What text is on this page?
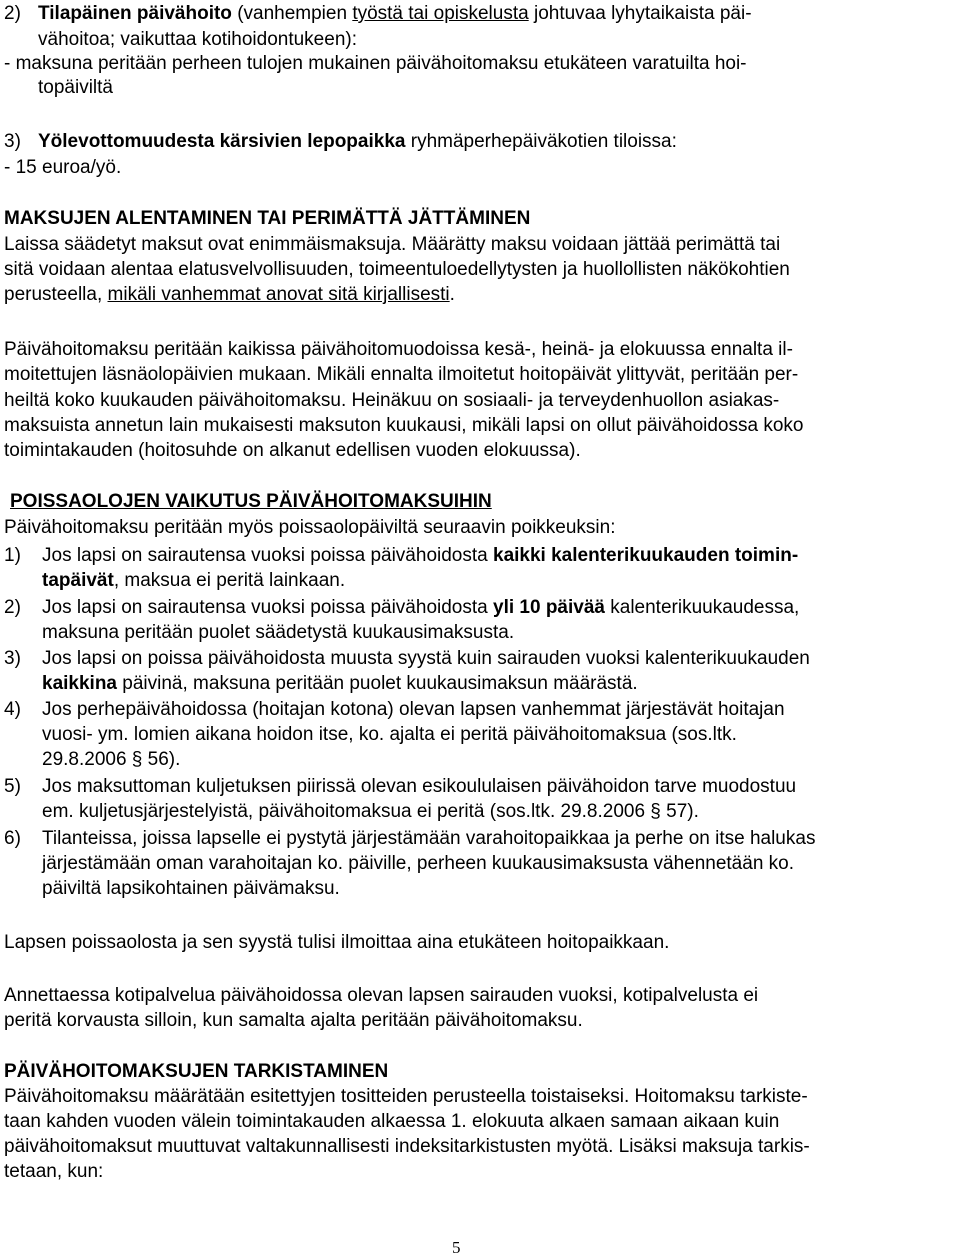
2) Tilapäinen päivähoito (vanhempien työstä tai opiskelusta johtuvaa lyhytaikaista päi-
vähoitoa; vaikuttaa kotihoidontukeen):
- maksuna peritään perheen tulojen mukainen päivähoitomaksu etukäteen varatuilta hoi-
topäiviltä
3) Yölevottomuudesta kärsivien lepopaikka ryhmäperhepäiväkotien tiloissa:
- 15 euroa/yö.
MAKSUJEN ALENTAMINEN TAI PERIMÄTTÄ JÄTTÄMINEN
Laissa säädetyt maksut ovat enimmäismaksuja. Määrätty maksu voidaan jättää perimättä tai
sitä voidaan alentaa elatusvelvollisuuden, toimeentuloedellytysten ja huollollisten näkökohtien
perusteella, mikäli vanhemmat anovat sitä kirjallisesti.
Päivähoitomaksu peritään kaikissa päivähoitomuodoissa kesä-, heinä- ja elokuussa ennalta il-
moitettujen läsnäolopäivien mukaan. Mikäli ennalta ilmoitetut hoitopäivät ylittyvät, peritään per-
heiltä koko kuukauden päivähoitomaksu. Heinäkuu on sosiaali- ja terveydenhuollon asiakas-
maksuista annetun lain mukaisesti maksuton kuukausi, mikäli lapsi on ollut päivähoidossa koko
toimintakauden (hoitosuhde on alkanut edellisen vuoden elokuussa).
POISSAOLOJEN VAIKUTUS PÄIVÄHOITOMAKSUIHIN
Päivähoitomaksu peritään myös poissaolopäiviltä seuraavin poikkeuksin:
1) Jos lapsi on sairautensa vuoksi poissa päivähoidosta kaikki kalenterikuukauden toimin-
tapäivät, maksua ei peritä lainkaan.
2) Jos lapsi on sairautensa vuoksi poissa päivähoidosta yli 10 päivää kalenterikuukaudessa,
maksuna peritään puolet säädetystä kuukausimaksusta.
3) Jos lapsi on poissa päivähoidosta muusta syystä kuin sairauden vuoksi kalenterikuukauden
kaikkina päivinä, maksuna peritään puolet kuukausimaksun määrästä.
4) Jos perhepäivähoidossa (hoitajan kotona) olevan lapsen vanhemmat järjestävät hoitajan
vuosi- ym. lomien aikana hoidon itse, ko. ajalta ei peritä päivähoitomaksua (sos.ltk.
29.8.2006 § 56).
5) Jos maksuttoman kuljetuksen piirissä olevan esikoululaisen päivähoidon tarve muodostuu
em. kuljetusjärjestelyistä, päivähoitomaksua ei peritä (sos.ltk. 29.8.2006 § 57).
6) Tilanteissa, joissa lapselle ei pystytä järjestämään varahoitopaikkaa ja perhe on itse halukas
järjestämään oman varahoitajan ko. päiville, perheen kuukausimaksusta vähennetään ko.
päiviltä lapsikohtainen päivämaksu.
Lapsen poissaolosta ja sen syystä tulisi ilmoittaa aina etukäteen hoitopaikkaan.
Annettaessa kotipalvelua päivähoidossa olevan lapsen sairauden vuoksi, kotipalvelusta ei
peritä korvausta silloin, kun samalta ajalta peritään päivähoitomaksu.
PÄIVÄHOITOMAKSUJEN TARKISTAMINEN
Päivähoitomaksu määrätään esitettyjen tositteiden perusteella toistaiseksi. Hoitomaksu tarkiste-
taan kahden vuoden välein toimintakauden alkaessa 1. elokuuta alkaen samaan aikaan kuin
päivähoitomaksut muuttuvat valtakunnallisesti indeksitarkistusten myötä. Lisäksi maksuja tarkis-
tetaan, kun:
5
